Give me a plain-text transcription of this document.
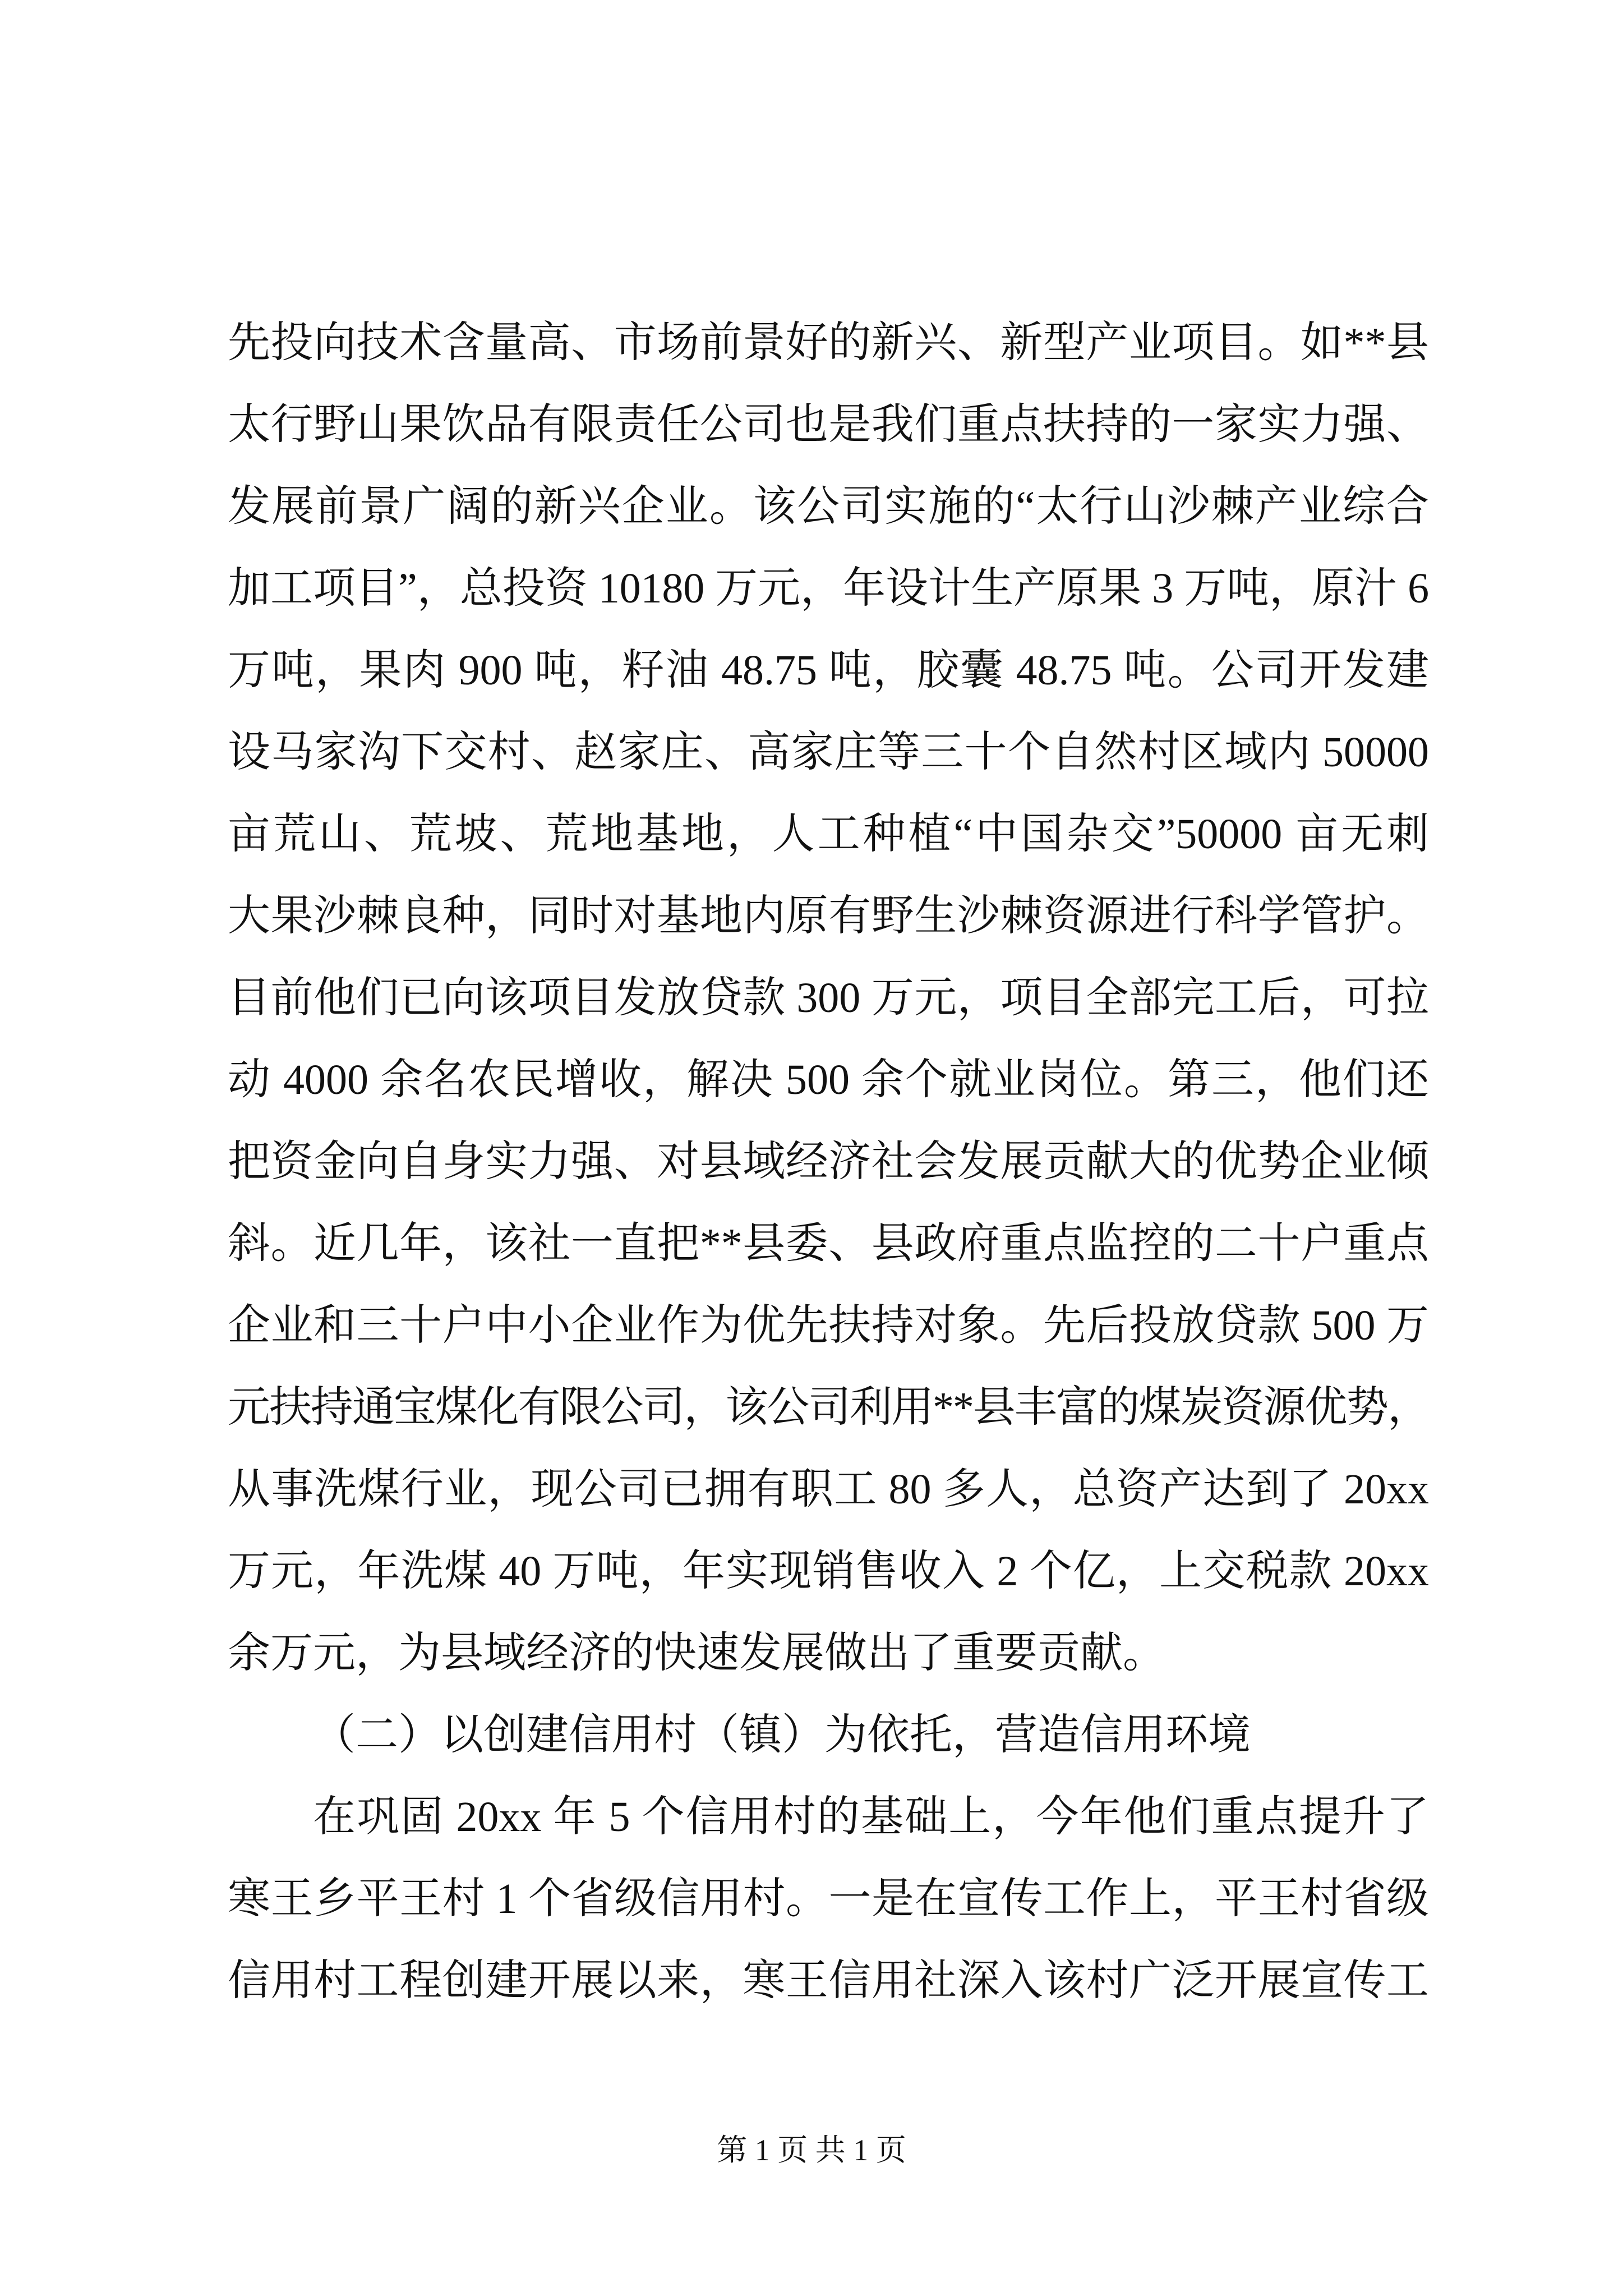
先投向技术含量高、市场前景好的新兴、新型产业项目。如**县
太行野山果饮品有限责任公司也是我们重点扶持的一家实力强、
发展前景广阔的新兴企业。该公司实施的“太行山沙棘产业综合
加工项目”，总投资 10180 万元，年设计生产原果 3 万吨，原汁 6
万吨，果肉 900 吨，籽油 48.75 吨，胶囊 48.75 吨。公司开发建
设马家沟下交村、赵家庄、高家庄等三十个自然村区域内 50000
亩荒山、荒坡、荒地基地，人工种植“中国杂交”50000 亩无刺
大果沙棘良种，同时对基地内原有野生沙棘资源进行科学管护。
目前他们已向该项目发放贷款 300 万元，项目全部完工后，可拉
动 4000 余名农民增收，解决 500 余个就业岗位。第三，他们还
把资金向自身实力强、对县域经济社会发展贡献大的优势企业倾
斜。近几年，该社一直把**县委、县政府重点监控的二十户重点
企业和三十户中小企业作为优先扶持对象。先后投放贷款 500 万
元扶持通宝煤化有限公司，该公司利用**县丰富的煤炭资源优势，
从事洗煤行业，现公司已拥有职工 80 多人，总资产达到了 20xx
万元，年洗煤 40 万吨，年实现销售收入 2 个亿，上交税款 20xx
余万元，为县域经济的快速发展做出了重要贡献。
（二）以创建信用村（镇）为依托，营造信用环境
在巩固 20xx 年 5 个信用村的基础上，今年他们重点提升了
寒王乡平王村 1 个省级信用村。一是在宣传工作上，平王村省级
信用村工程创建开展以来，寒王信用社深入该村广泛开展宣传工
第 1 页 共 1 页
